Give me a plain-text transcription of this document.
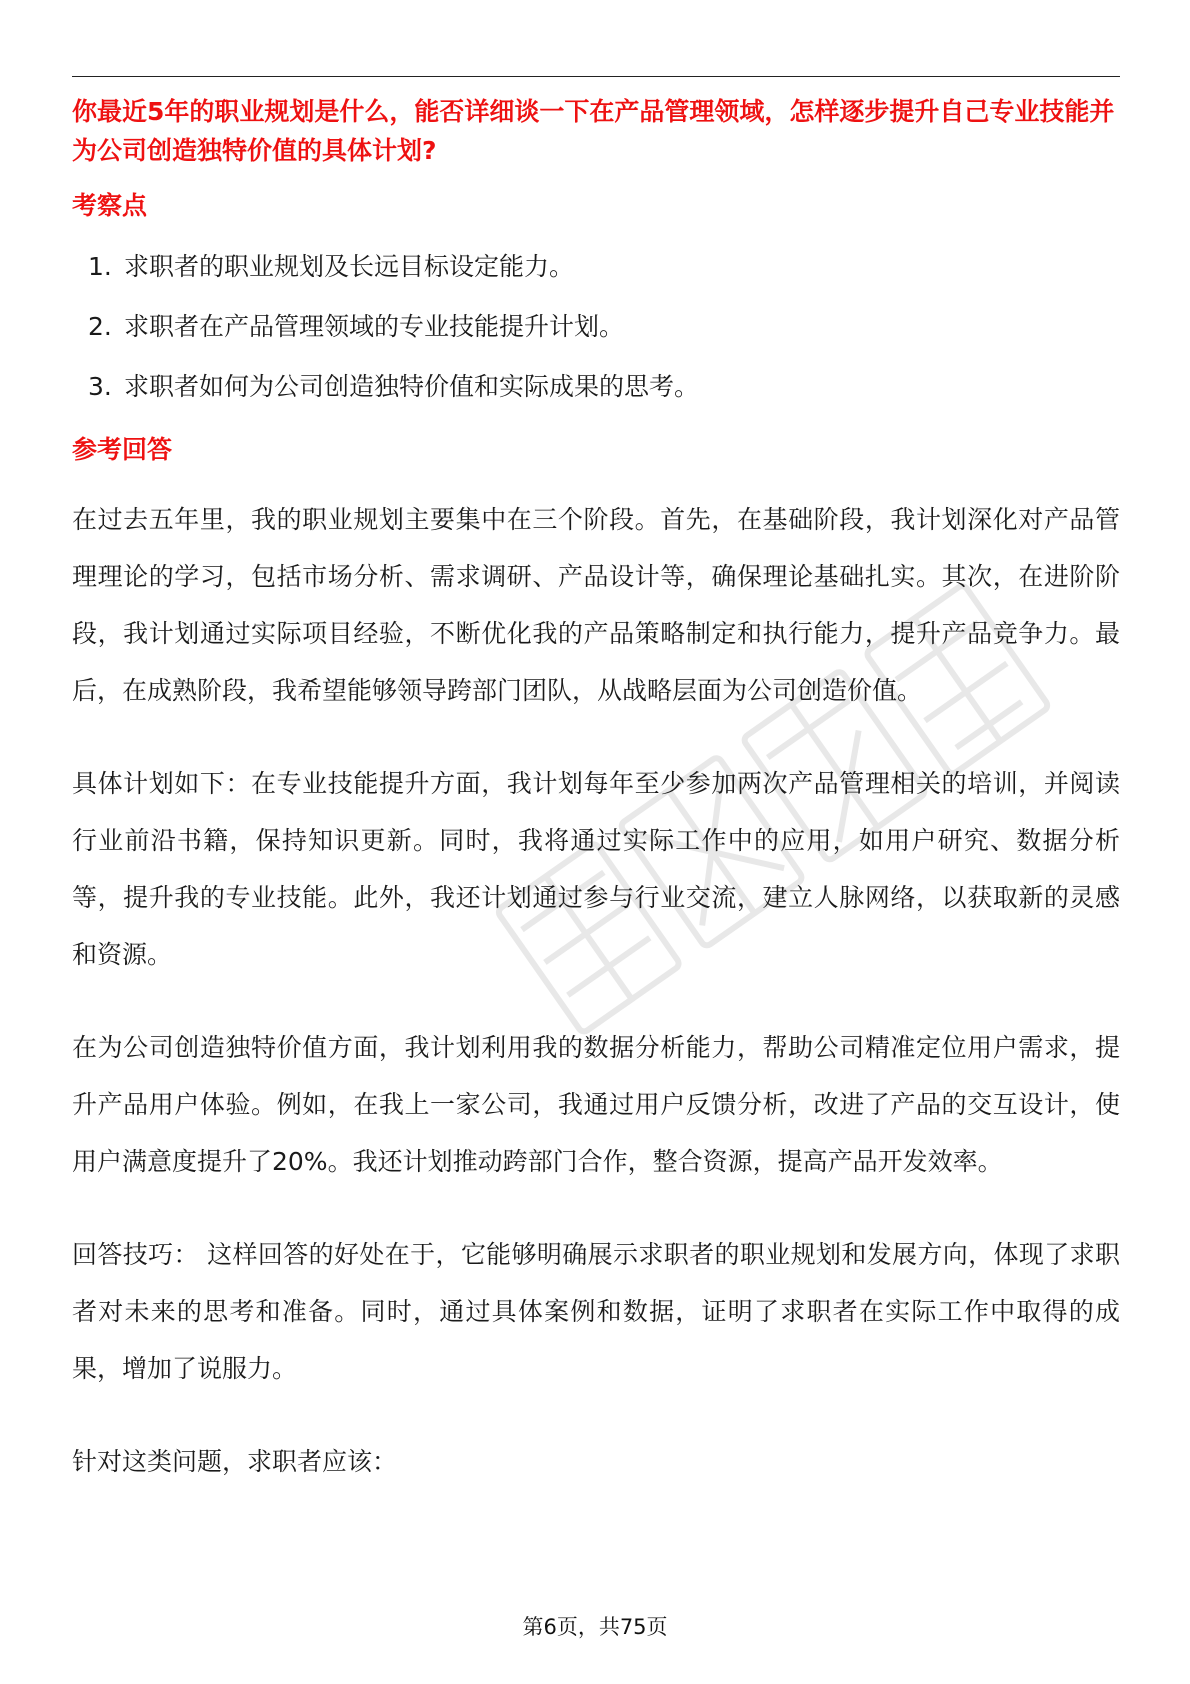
你最近5年的职业规划是什么，能否详细谈一下在产品管理领域，怎样逐步提升自己专业技能并为公司创造独特价值的具体计划?
考察点
1. 求职者的职业规划及长远目标设定能力。
2. 求职者在产品管理领域的专业技能提升计划。
3. 求职者如何为公司创造独特价值和实际成果的思考。
参考回答

在过去五年里，我的职业规划主要集中在三个阶段。首先，在基础阶段，我计划深化对产品管理理论的学习，包括市场分析、需求调研、产品设计等，确保理论基础扎实。其次，在进阶阶段，我计划通过实际项目经验，不断优化我的产品策略制定和执行能力，提升产品竞争力。最后，在成熟阶段，我希望能够领导跨部门团队，从战略层面为公司创造价值。

具体计划如下：在专业技能提升方面，我计划每年至少参加两次产品管理相关的培训，并阅读行业前沿书籍，保持知识更新。同时，我将通过实际工作中的应用，如用户研究、数据分析等，提升我的专业技能。此外，我还计划通过参与行业交流，建立人脉网络，以获取新的灵感和资源。

在为公司创造独特价值方面，我计划利用我的数据分析能力，帮助公司精准定位用户需求，提升产品用户体验。例如，在我上一家公司，我通过用户反馈分析，改进了产品的交互设计，使用户满意度提升了20%。我还计划推动跨部门合作，整合资源，提高产品开发效率。

回答技巧： 这样回答的好处在于，它能够明确展示求职者的职业规划和发展方向，体现了求职者对未来的思考和准备。同时，通过具体案例和数据，证明了求职者在实际工作中取得的成果，增加了说服力。

针对这类问题，求职者应该：

第6页，共75页
